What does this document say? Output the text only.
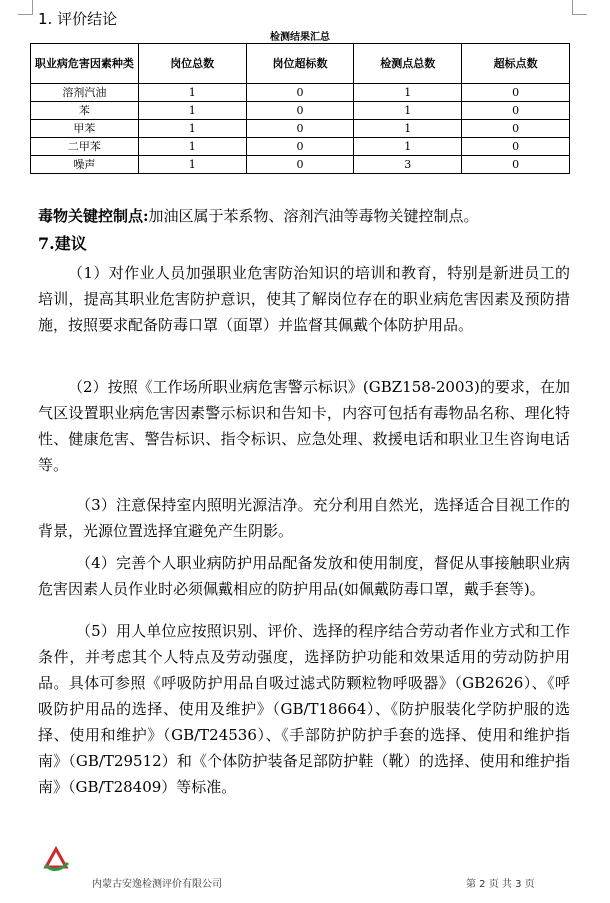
1. 评价结论
检测结果汇总
职业病危害因素种类	岗位总数	岗位超标数	检测点总数	超标点数
溶剂汽油	1	0	1	0
苯	1	0	1	0
甲苯	1	0	1	0
二甲苯	1	0	1	0
噪声	1	0	3	0
毒物关键控制点:加油区属于苯系物、溶剂汽油等毒物关键控制点。
7.建议
（1）对作业人员加强职业危害防治知识的培训和教育，特别是新进员工的培训，提高其职业危害防护意识，使其了解岗位存在的职业病危害因素及预防措施，按照要求配备防毒口罩（面罩）并监督其佩戴个体防护用品。
（2）按照《工作场所职业病危害警示标识》(GBZ158-2003)的要求，在加气区设置职业病危害因素警示标识和告知卡，内容可包括有毒物品名称、理化特性、健康危害、警告标识、指令标识、应急处理、救援电话和职业卫生咨询电话等。
（3）注意保持室内照明光源洁净。充分利用自然光，选择适合目视工作的背景，光源位置选择宜避免产生阴影。
（4）完善个人职业病防护用品配备发放和使用制度，督促从事接触职业病危害因素人员作业时必须佩戴相应的防护用品(如佩戴防毒口罩，戴手套等)。
（5）用人单位应按照识别、评价、选择的程序结合劳动者作业方式和工作条件，并考虑其个人特点及劳动强度，选择防护功能和效果适用的劳动防护用品。具体可参照《呼吸防护用品自吸过滤式防颗粒物呼吸器》（GB2626）、《呼吸防护用品的选择、使用及维护》（GB/T18664）、《防护服装化学防护服的选择、使用和维护》（GB/T24536）、《手部防护防护手套的选择、使用和维护指南》（GB/T29512）和《个体防护装备足部防护鞋（靴）的选择、使用和维护指南》（GB/T28409）等标准。
内蒙古安逸检测评价有限公司	第 2 页 共 3 页
